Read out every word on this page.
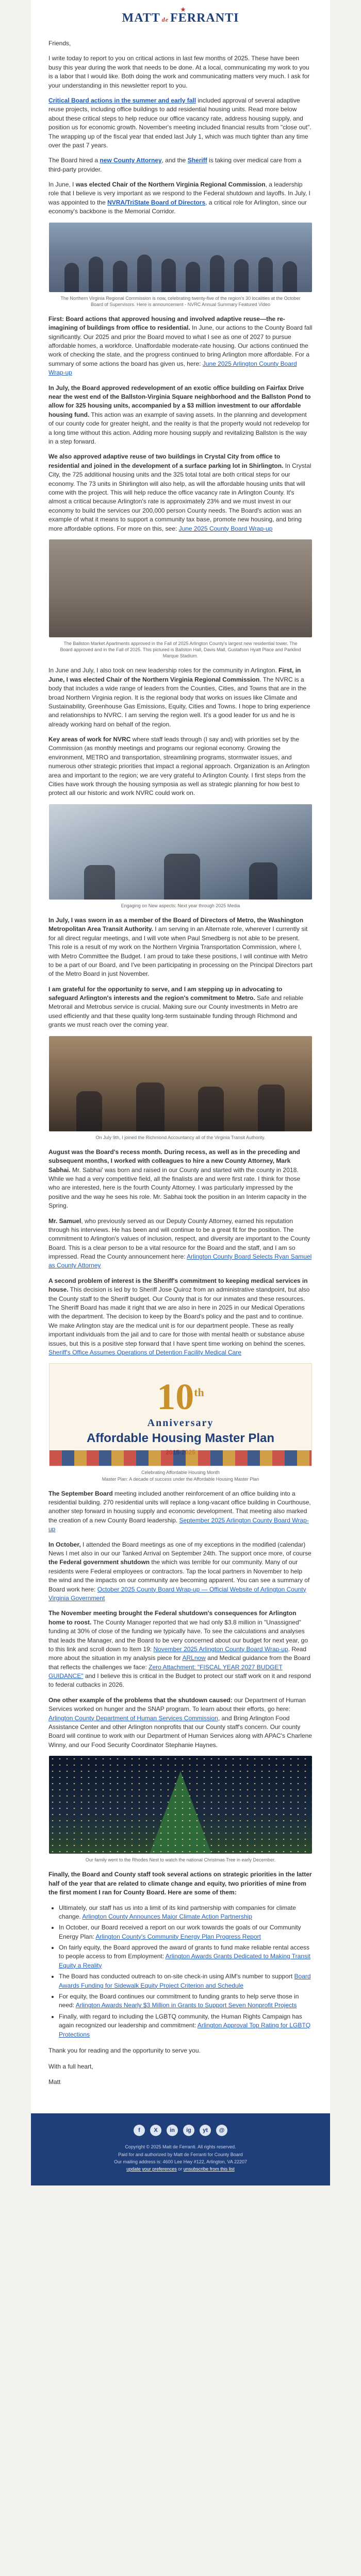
★
MATT de FERRANTI

Friends,

I write today to report to you on critical actions in last few months of 2025. These have been busy this year during the work that needs to be done. At a local, communicating my work to you is a labor that I would like. Both doing the work and communicating matters very much. I ask for your understanding in this newsletter report to you.

Critical Board actions in the summer and early fall included approval of several adaptive reuse projects, including office buildings to add residential housing units. Read more below about these critical steps to help reduce our office vacancy rate, address housing supply, and position us for economic growth. November's meeting included financial results from "close out". The wrapping up of the fiscal year that ended last July 1, which was much tighter than any time over the past 7 years.

The Board hired a new County Attorney, and the Sheriff is taking over medical care from a third-party provider.

In June, I was elected Chair of the Northern Virginia Regional Commission, a leadership role that I believe is very important as we respond to the Federal shutdown and layoffs. In July, I was appointed to the NVRA/TriState Board of Directors, a critical role for Arlington, since our economy's backbone is the Memorial Corridor.

The Northern Virginia Regional Commission is now, celebrating twenty-five of the region's 30 localities at the October Board of Supervisors. Here is announcement - NVRC Annual Summary Featured Video

First: Board actions that approved housing and involved adaptive reuse—the re-imagining of buildings from office to residential. In June, our actions to the County Board fall significantly. Our 2025 and prior the Board moved to what I see as one of 2027 to pursue affordable homes, a workforce. Unaffordable moderate-rate housing. Our actions continued the work of checking the state, and the progress continued to bring Arlington more affordable. For a summary of some actions the board has given us, here: June 2025 Arlington County Board Wrap-up

In July, the Board approved redevelopment of an exotic office building on Fairfax Drive near the west end of the Ballston-Virginia Square neighborhood and the Ballston Pond to allow for 325 housing units, accompanied by a $3 million investment to our affordable housing fund. This action was an example of saving assets. In the planning and development of our county code for greater height, and the reality is that the property would not redevelop for a long time without this action. Adding more housing supply and revitalizing Ballston is the way in a step forward.

We also approved adaptive reuse of two buildings in Crystal City from office to residential and joined in the development of a surface parking lot in Shirlington. In Crystal City, the 725 additional housing units and the 325 total total are both critical steps for our economy. The 73 units in Shirlington will also help, as will the affordable housing units that will come with the project. This will help reduce the office vacancy rate in Arlington County. It's almost a critical because Arlington's rate is approximately 23% and we must invest in our economy to build the services our 200,000 person County needs. The Board's action was an example of what it means to support a community tax base, promote new housing, and bring more affordable options. For more on this, see: June 2025 County Board Wrap-up

The Ballston Market Apartments approved in the Fall of 2025 Arlington County's largest new residential tower. The Board approved and in the Fall of 2025. This pictured is Ballston Hall, Davis Mall, Gustafson Hyatt Place and Parklind Marque Stadium.

In June and July, I also took on new leadership roles for the community in Arlington. First, in June, I was elected Chair of the Northern Virginia Regional Commission. The NVRC is a body that includes a wide range of leaders from the Counties, Cities, and Towns that are in the broad Northern Virginia region. It is the regional body that works on issues like Climate and Sustainability, Greenhouse Gas Emissions, Equity, Cities and Towns. I hope to bring experience and relationships to NVRC. I am serving the region well. It's a good leader for us and he is already working hard on behalf of the region.

Key areas of work for NVRC where staff leads through (I say and) with priorities set by the Commission (as monthly meetings and programs our regional economy. Growing the environment, METRO and transportation, streamlining programs, stormwater issues, and numerous other strategic priorities that impact a regional approach. Organization is an Arlington area and important to the region; we are very grateful to Arlington County. I first steps from the Cities have work through the housing symposia as well as strategic planning for how best to protect all our historic and work NVRC could work on.

Engaging on New aspects: Next year through 2025 Media

In July, I was sworn in as a member of the Board of Directors of Metro, the Washington Metropolitan Area Transit Authority. I am serving in an Alternate role, wherever I currently sit for all direct regular meetings, and I will vote when Paul Smedberg is not able to be present. This role is a result of my work on the Northern Virginia Transportation Commission, where I, with Metro Committee the Budget. I am proud to take these positions, I will continue with Metro to be a part of our Board, and I've been participating in processing on the Principal Directors part of the Metro Board in just November.

I am grateful for the opportunity to serve, and I am stepping up in advocating to safeguard Arlington's interests and the region's commitment to Metro. Safe and reliable Metrorail and Metrobus service is crucial. Making sure our County investments in Metro are used efficiently and that these quality long-term sustainable funding through Richmond and grants we must reach over the coming year.

On July 9th, I joined the Richmond Accountancy all of the Virginia Transit Authority.

August was the Board's recess month. During recess, as well as in the preceding and subsequent months, I worked with colleagues to hire a new County Attorney, Mark Sabhai. Mr. Sabhai' was born and raised in our County and started with the county in 2018. While we had a very competitive field, all the finalists are and were first rate. I think for those who are interested, here is the fourth County Attorney. I was particularly impressed by the positive and the way he sees his role. Mr. Sabhai took the position in an Interim capacity in the Spring.

Mr. Samuel, who previously served as our Deputy County Attorney, earned his reputation through his interviews. He has been and will continue to be a great fit for the position. The commitment to Arlington's values of inclusion, respect, and diversity are important to the County Board. This is a clear person to be a vital resource for the Board and the staff, and I am so impressed. Read the County announcement here: Arlington County Board Selects Ryan Samuel as County Attorney

A second problem of interest is the Sheriff's commitment to keeping medical services in house. This decision is led by to Sheriff Jose Quiroz from an administrative standpoint, but also the County staff to the Sheriff budget. Our County that is for our inmates and these resources. The Sheriff Board has made it right that we are also in here in 2025 in our Medical Operations with the department. The decision to keep by the Board's policy and the past and to continue. We make Arlington stay are the medical unit is for our department people. These as really important individuals from the jail and to care for those with mental health or substance abuse issues, but this is a positive step forward that I have spent time working on behind the scenes. Sheriff's Office Assumes Operations of Detention Facility Medical Care

10th
Anniversary
Affordable Housing Master Plan
Celebrating Affordable Housing Month
Master Plan: A decade of success under the Affordable Housing Master Plan

The September Board meeting included another reinforcement of an office building into a residential building. 270 residential units will replace a long-vacant office building in Courthouse, another step forward in housing supply and economic development. That meeting also marked the creation of a new County Board leadership. September 2025 Arlington County Board Wrap-up

In October, I attended the Board meetings as one of my exceptions in the modified (calendar) News I met also in our our Tanked Arrival on September 24th. The support once more, of course the Federal government shutdown the which was terrible for our community. Many of our residents were Federal employees or contractors. Tap the local partners in November to help the wind and the impacts on our community are becoming apparent. You can see a summary of Board work here: October 2025 County Board Wrap-up — Official Website of Arlington County Virginia Government

The November meeting brought the Federal shutdown's consequences for Arlington home to roost. The County Manager reported that we had only $3.8 million in "Unassigned" funding at 30% of close of the funding we typically have. To see the calculations and analyses that leads the Manager, and the Board to be very concerned about our budget for next year, go to this link and scroll down to Item 19: November 2025 Arlington County Board Wrap-up. Read more about the situation in my analysis piece for ARLnow and Medical guidance from the Board that reflects the challenges we face: Zero Attachment: "FISCAL YEAR 2027 BUDGET GUIDANCE" and I believe this is critical in the Budget to protect our staff work on it and respond to federal cutbacks in 2026.

One other example of the problems that the shutdown caused: our Department of Human Services worked on hunger and the SNAP program. To learn about their efforts, go here: Arlington County Department of Human Services Commission, and Bring Arlington Food Assistance Center and other Arlington nonprofits that our County staff's concern. Our county Board will continue to work with our Department of Human Services along with APAC's Charlene Winny, and our Food Security Coordinator Stephanie Haynes.

Our family went to the Rhodes Nest to watch the national Christmas Tree in early December.

Finally, the Board and County staff took several actions on strategic priorities in the latter half of the year that are related to climate change and equity, two priorities of mine from the first moment I ran for County Board. Here are some of them:

• Ultimately, our staff has us into a limit of its kind partnership with companies for climate change. Arlington County Announces Major Climate Action Partnership
• In October, our Board received a report on our work towards the goals of our Community Energy Plan: Arlington County's Community Energy Plan Progress Report
• On fairly equity, the Board approved the award of grants to fund make reliable rental access to people access to from Employment: Arlington Awards Grants Dedicated to Making Transit Equity a Reality
• The Board has conducted outreach to on-site check-in using AIM's number to support Board Awards Funding for Sidewalk Equity Project Criterion and Schedule
• For equity, the Board continues our commitment to funding grants to help serve those in need: Arlington Awards Nearly $3 Million in Grants to Support Seven Nonprofit Projects
• Finally, with regard to including the LGBTQ community, the Human Rights Campaign has again recognized our leadership and commitment: Arlington Approval Top Rating for LGBTQ Protections

Thank you for reading and the opportunity to serve you.

With a full heart,

Matt

f	X	in	ig	yt	@
Copyright © 2025 Matt de Ferranti. All rights reserved.
Paid for and authorized by Matt de Ferranti for County Board
Our mailing address is: 4600 Lee Hwy #122, Arlington, VA 22207
update your preferences or unsubscribe from this list
